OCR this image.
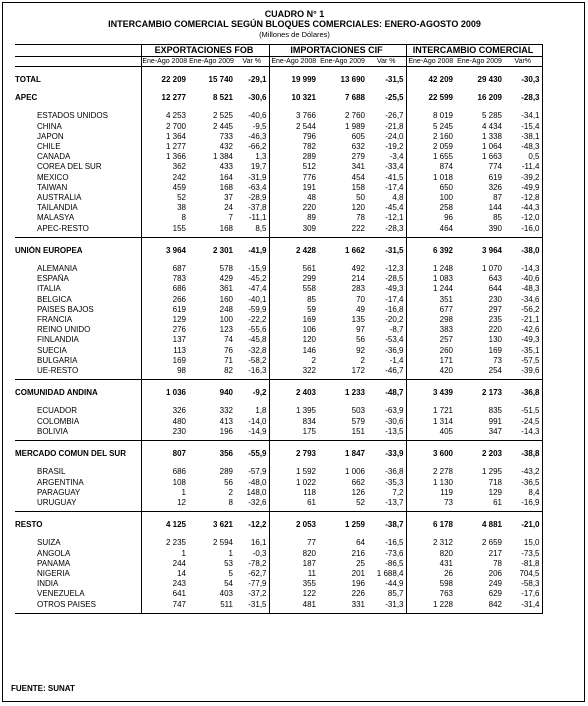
CUADRO N° 1
INTERCAMBIO COMERCIAL SEGÚN BLOQUES COMERCIALES: ENERO-AGOSTO 2009
(Millones de Dólares)
	EXPORTACIONES FOB			IMPORTACIONES CIF			INTERCAMBIO COMERCIAL		
	Ene-Ago 2008	Ene-Ago 2009	Var %	Ene-Ago 2008	Ene-Ago 2009	Var %	Ene-Ago 2008	Ene-Ago 2009	Var%

TOTAL	22 209	15 740	-29,1	19 999	13 690	-31,5	42 209	29 430	-30,3

APEC	12 277	8 521	-30,6	10 321	7 688	-25,5	22 599	16 209	-28,3

ESTADOS UNIDOS	4 253	2 525	-40,6	3 766	2 760	-26,7	8 019	5 285	-34,1
CHINA	2 700	2 445	-9,5	2 544	1 989	-21,8	5 245	4 434	-15,4
JAPON	1 364	733	-46,3	796	605	-24,0	2 160	1 338	-38,1
CHILE	1 277	432	-66,2	782	632	-19,2	2 059	1 064	-48,3
CANADA	1 366	1 384	1,3	289	279	-3,4	1 655	1 663	0,5
COREA DEL SUR	362	433	19,7	512	341	-33,4	874	774	-11,4
MEXICO	242	164	-31,9	776	454	-41,5	1 018	619	-39,2
TAIWAN	459	168	-63,4	191	158	-17,4	650	326	-49,9
AUSTRALIA	52	37	-28,9	48	50	4,8	100	87	-12,8
TAILANDIA	38	24	-37,8	220	120	-45,4	258	144	-44,3
MALASYA	8	7	-11,1	89	78	-12,1	96	85	-12,0
APEC-RESTO	155	168	8,5	309	222	-28,3	464	390	-16,0

UNIÓN EUROPEA	3 964	2 301	-41,9	2 428	1 662	-31,5	6 392	3 964	-38,0

ALEMANIA	687	578	-15,9	561	492	-12,3	1 248	1 070	-14,3
ESPAÑA	783	429	-45,2	299	214	-28,5	1 083	643	-40,6
ITALIA	686	361	-47,4	558	283	-49,3	1 244	644	-48,3
BELGICA	266	160	-40,1	85	70	-17,4	351	230	-34,6
PAISES BAJOS	619	248	-59,9	59	49	-16,8	677	297	-56,2
FRANCIA	129	100	-22,2	169	135	-20,2	298	235	-21,1
REINO UNIDO	276	123	-55,6	106	97	-8,7	383	220	-42,6
FINLANDIA	137	74	-45,8	120	56	-53,4	257	130	-49,3
SUECIA	113	76	-32,8	146	92	-36,9	260	169	-35,1
BULGARIA	169	71	-58,2	2	2	-1,4	171	73	-57,5
UE-RESTO	98	82	-16,3	322	172	-46,7	420	254	-39,6

COMUNIDAD ANDINA	1 036	940	-9,2	2 403	1 233	-48,7	3 439	2 173	-36,8

ECUADOR	326	332	1,8	1 395	503	-63,9	1 721	835	-51,5
COLOMBIA	480	413	-14,0	834	579	-30,6	1 314	991	-24,5
BOLIVIA	230	196	-14,9	175	151	-13,5	405	347	-14,3

MERCADO COMUN DEL SUR	807	356	-55,9	2 793	1 847	-33,9	3 600	2 203	-38,8

BRASIL	686	289	-57,9	1 592	1 006	-36,8	2 278	1 295	-43,2
ARGENTINA	108	56	-48,0	1 022	662	-35,3	1 130	718	-36,5
PARAGUAY	1	2	148,0	118	126	7,2	119	129	8,4
URUGUAY	12	8	-32,6	61	52	-13,7	73	61	-16,9

RESTO	4 125	3 621	-12,2	2 053	1 259	-38,7	6 178	4 881	-21,0

SUIZA	2 235	2 594	16,1	77	64	-16,5	2 312	2 659	15,0
ANGOLA	1	1	-0,3	820	216	-73,6	820	217	-73,5
PANAMA	244	53	-78,2	187	25	-86,5	431	78	-81,8
NIGERIA	14	5	-62,7	11	201	1 688,4	26	206	704,5
INDIA	243	54	-77,9	355	196	-44,9	598	249	-58,3
VENEZUELA	641	403	-37,2	122	226	85,7	763	629	-17,6
OTROS PAISES	747	511	-31,5	481	331	-31,3	1 228	842	-31,4

FUENTE: SUNAT
